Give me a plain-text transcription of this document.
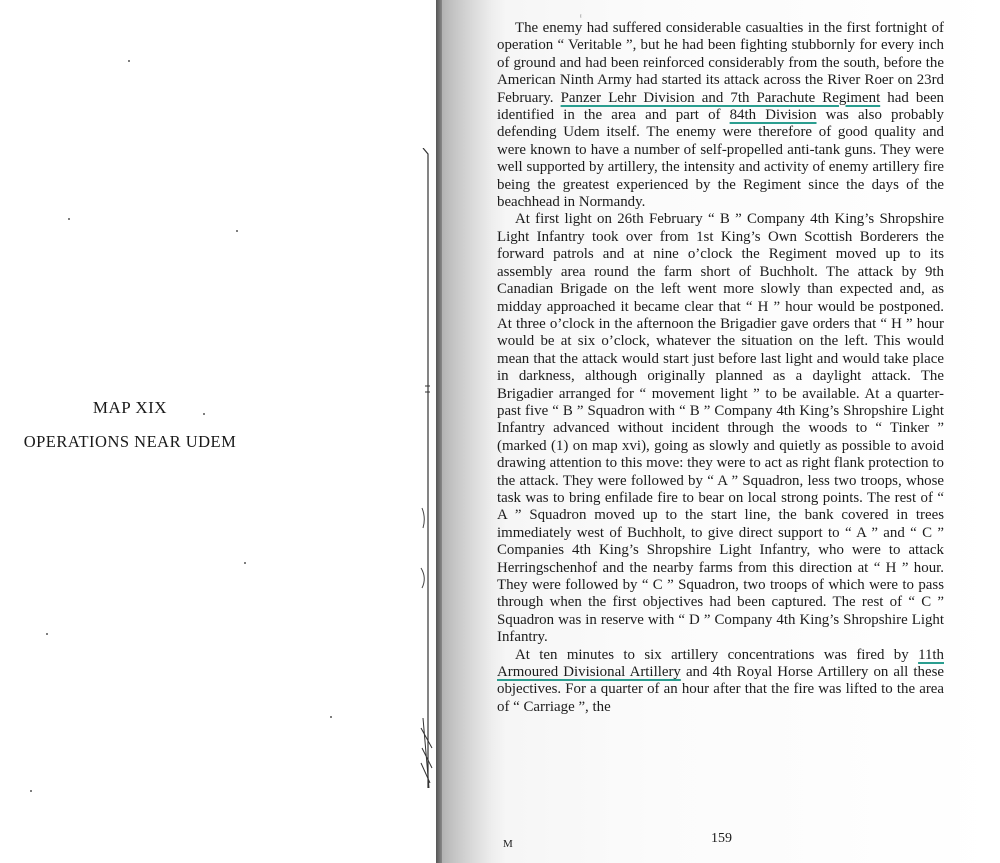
MAP XIX
OPERATIONS NEAR UDEM
ᶦ

The enemy had suffered considerable casualties in the first fortnight of operation “ Veritable ”, but he had been fighting stubbornly for every inch of ground and had been reinforced considerably from the south, before the American Ninth Army had started its attack across the River Roer on 23rd February. Panzer Lehr Division and 7th Parachute Regiment had been identified in the area and part of 84th Division was also probably defending Udem itself. The enemy were therefore of good quality and were known to have a number of self-propelled anti-tank guns. They were well supported by artillery, the intensity and activity of enemy artillery fire being the greatest experienced by the Regiment since the days of the beachhead in Normandy.

At first light on 26th February “ B ” Company 4th King’s Shropshire Light Infantry took over from 1st King’s Own Scottish Borderers the forward patrols and at nine o’clock the Regiment moved up to its assembly area round the farm short of Buchholt. The attack by 9th Canadian Brigade on the left went more slowly than expected and, as midday approached it became clear that “ H ” hour would be postponed. At three o’clock in the afternoon the Brigadier gave orders that “ H ” hour would be at six o’clock, whatever the situation on the left. This would mean that the attack would start just before last light and would take place in darkness, although originally planned as a daylight attack. The Brigadier arranged for “ movement light ” to be available. At a quarter-past five “ B ” Squadron with “ B ” Company 4th King’s Shropshire Light Infantry advanced without incident through the woods to “ Tinker ” (marked (1) on map xvi), going as slowly and quietly as possible to avoid drawing attention to this move: they were to act as right flank protection to the attack. They were followed by “ A ” Squadron, less two troops, whose task was to bring enfilade fire to bear on local strong points. The rest of “ A ” Squadron moved up to the start line, the bank covered in trees immediately west of Buchholt, to give direct support to “ A ” and “ C ” Companies 4th King’s Shropshire Light Infantry, who were to attack Herringschenhof and the nearby farms from this direction at “ H ” hour. They were followed by “ C ” Squadron, two troops of which were to pass through when the first objectives had been captured. The rest of “ C ” Squadron was in reserve with “ D ” Company 4th King’s Shropshire Light Infantry.

At ten minutes to six artillery concentrations was fired by 11th Armoured Divisional Artillery and 4th Royal Horse Artillery on all these objectives. For a quarter of an hour after that the fire was lifted to the area of “ Carriage ”, the

M	159
